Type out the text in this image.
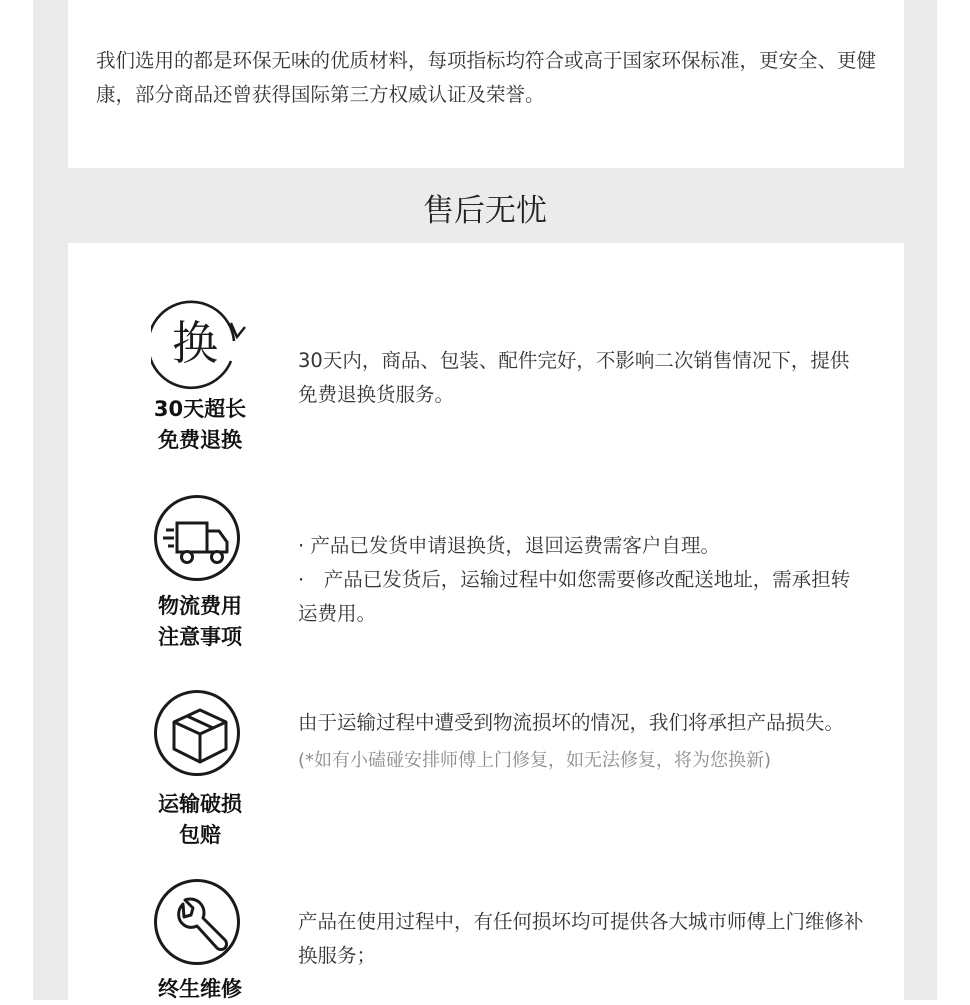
我们选用的都是环保无味的优质材料，每项指标均符合或高于国家环保标准，更安全、更健康，部分商品还曾获得国际第三方权威认证及荣誉。

售后无忧
换
30天超长
免费退换

30天内，商品、包装、配件完好，不影响二次销售情况下，提供免费退换货服务。

物流费用
注意事项

· 产品已发货申请退换货，退回运费需客户自理。

·　产品已发货后，运输过程中如您需要修改配送地址，需承担转运费用。

运输破损
包赔

由于运输过程中遭受到物流损坏的情况，我们将承担产品损失。

(*如有小磕碰安排师傅上门修复，如无法修复，将为您换新)

终生维修

产品在使用过程中，有任何损坏均可提供各大城市师傅上门维修补换服务；
